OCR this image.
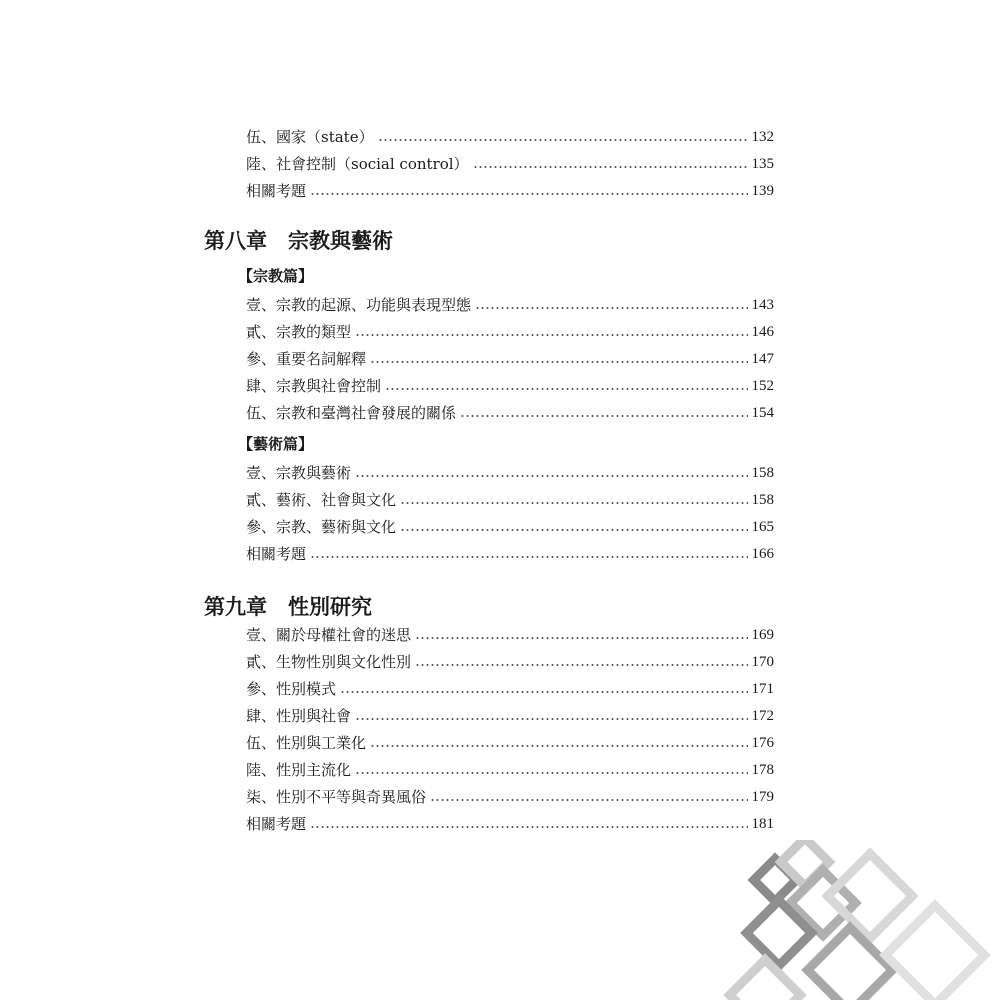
伍、國家（state）	132
陸、社會控制（social control）	135
相關考題	139
第八章　宗教與藝術
【宗教篇】
壹、宗教的起源、功能與表現型態	143
貳、宗教的類型	146
參、重要名詞解釋	147
肆、宗教與社會控制	152
伍、宗教和臺灣社會發展的關係	154
【藝術篇】
壹、宗教與藝術	158
貳、藝術、社會與文化	158
參、宗教、藝術與文化	165
相關考題	166
第九章　性別研究
壹、關於母權社會的迷思	169
貳、生物性別與文化性別	170
參、性別模式	171
肆、性別與社會	172
伍、性別與工業化	176
陸、性別主流化	178
柒、性別不平等與奇異風俗	179
相關考題	181
